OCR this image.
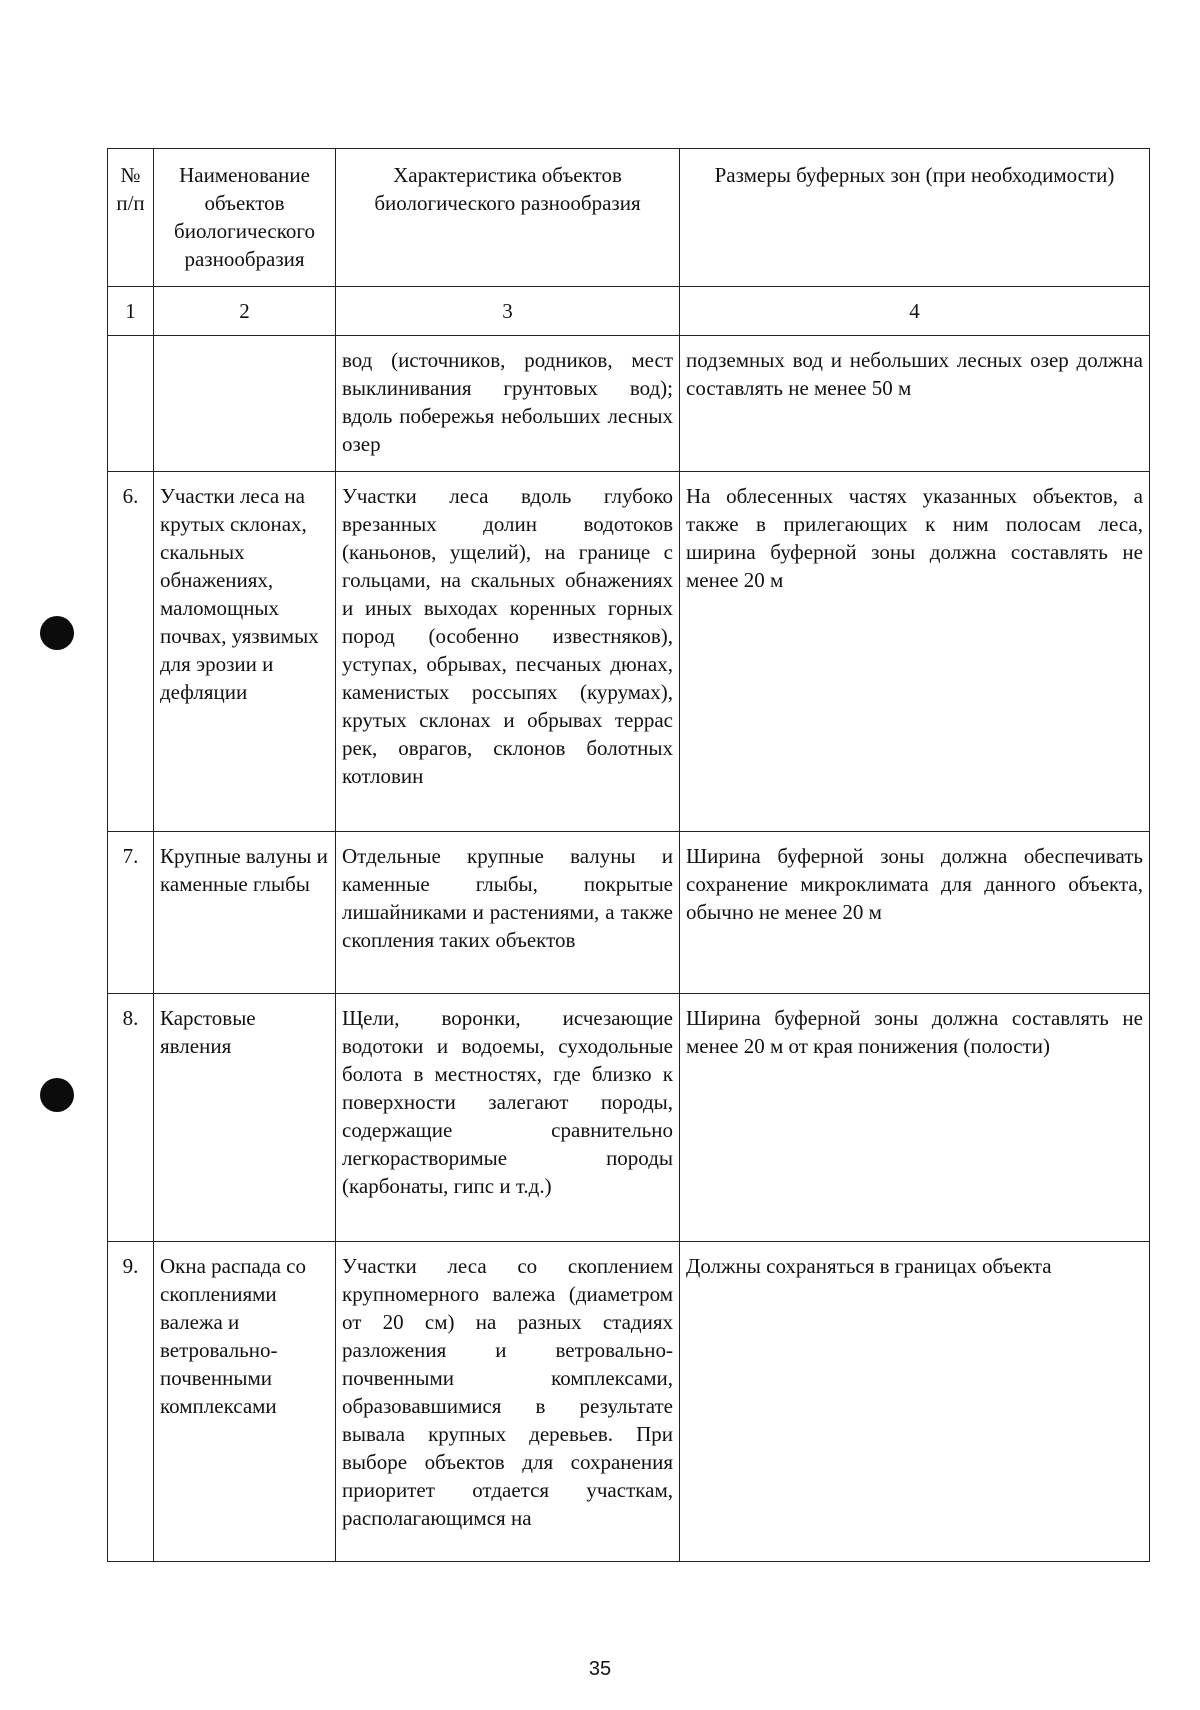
№ п/п	Наименование объектов биологического разнообразия	Характеристика объектов биологического разнообразия	Размеры буферных зон (при необходимости)

1	2	3	4

		вод (источников, родников, мест выклинивания грунтовых вод); вдоль побережья небольших лесных озер	подземных вод и небольших лесных озер должна составлять не менее 50 м

6.	Участки леса на крутых склонах, скальных обнажениях, маломощных почвах, уязвимых для эрозии и дефляции	Участки леса вдоль глубоко врезанных долин водотоков (каньонов, ущелий), на границе с гольцами, на скальных обнажениях и иных выходах коренных горных пород (особенно известняков), уступах, обрывах, песчаных дюнах, каменистых россыпях (курумах), крутых склонах и обрывах террас рек, оврагов, склонов болотных котловин	На облесенных частях указанных объектов, а также в прилегающих к ним полосам леса, ширина буферной зоны должна составлять не менее 20 м

7.	Крупные валуны и каменные глыбы	Отдельные крупные валуны и каменные глыбы, покрытые лишайниками и растениями, а также скопления таких объектов	Ширина буферной зоны должна обеспечивать сохранение микроклимата для данного объекта, обычно не менее 20 м

8.	Карстовые явления	Щели, воронки, исчезающие водотоки и водоемы, суходольные болота в местностях, где близко к поверхности залегают породы, содержащие сравнительно легкорастворимые породы (карбонаты, гипс и т.д.)	Ширина буферной зоны должна составлять не менее 20 м от края понижения (полости)

9.	Окна распада со скоплениями валежа и ветровально-почвенными комплексами	Участки леса со скоплением крупномерного валежа (диаметром от 20 см) на разных стадиях разложения и ветровально-почвенными комплексами, образовавшимися в результате вывала крупных деревьев. При выборе объектов для сохранения приоритет отдается участкам, располагающимся на	Должны сохраняться в границах объекта
35
